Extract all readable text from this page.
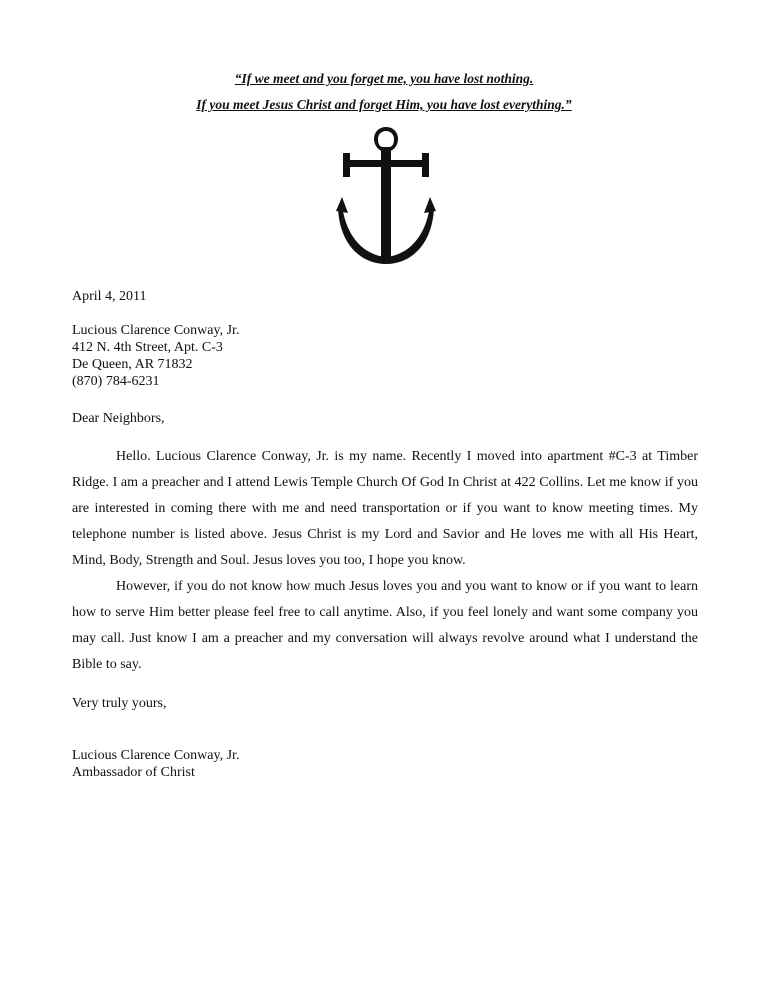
“If we meet and you forget me, you have lost nothing.
If you meet Jesus Christ and forget Him, you have lost everything.”
April 4, 2011
Lucious Clarence Conway, Jr.
412 N. 4th Street, Apt. C-3
De Queen, AR 71832
(870) 784-6231
Dear Neighbors,

Hello. Lucious Clarence Conway, Jr. is my name. Recently I moved into apartment #C-3 at Timber Ridge. I am a preacher and I attend Lewis Temple Church Of God In Christ at 422 Collins. Let me know if you are interested in coming there with me and need transportation or if you want to know meeting times. My telephone number is listed above. Jesus Christ is my Lord and Savior and He loves me with all His Heart, Mind, Body, Strength and Soul. Jesus loves you too, I hope you know.

However, if you do not know how much Jesus loves you and you want to know or if you want to learn how to serve Him better please feel free to call anytime. Also, if you feel lonely and want some company you may call. Just know I am a preacher and my conversation will always revolve around what I understand the Bible to say.

Very truly yours,
Lucious Clarence Conway, Jr.
Ambassador of Christ
